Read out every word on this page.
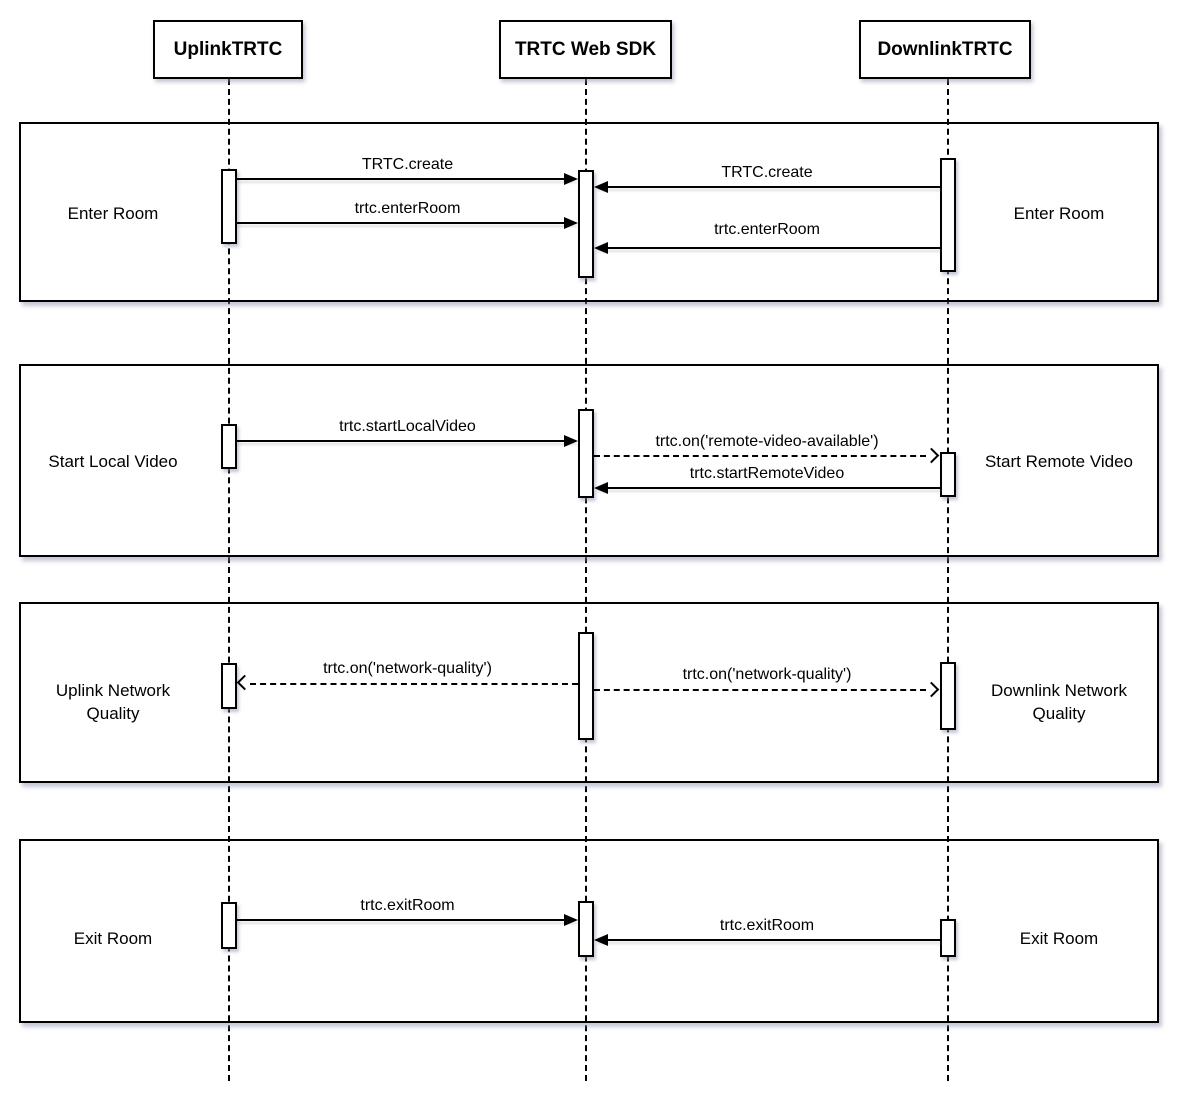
UplinkTRTC	TRTC Web SDK	DownlinkTRTC
Enter Room	Enter Room
Start Local Video	Start Remote Video
Uplink Network Quality
Downlink Network Quality
Exit Room	Exit Room
TRTC.create
trtc.enterRoom
TRTC.create
trtc.enterRoom
trtc.startLocalVideo
trtc.on('remote-video-available')
trtc.startRemoteVideo
trtc.on('network-quality')	trtc.on('network-quality')
trtc.exitRoom
trtc.exitRoom
